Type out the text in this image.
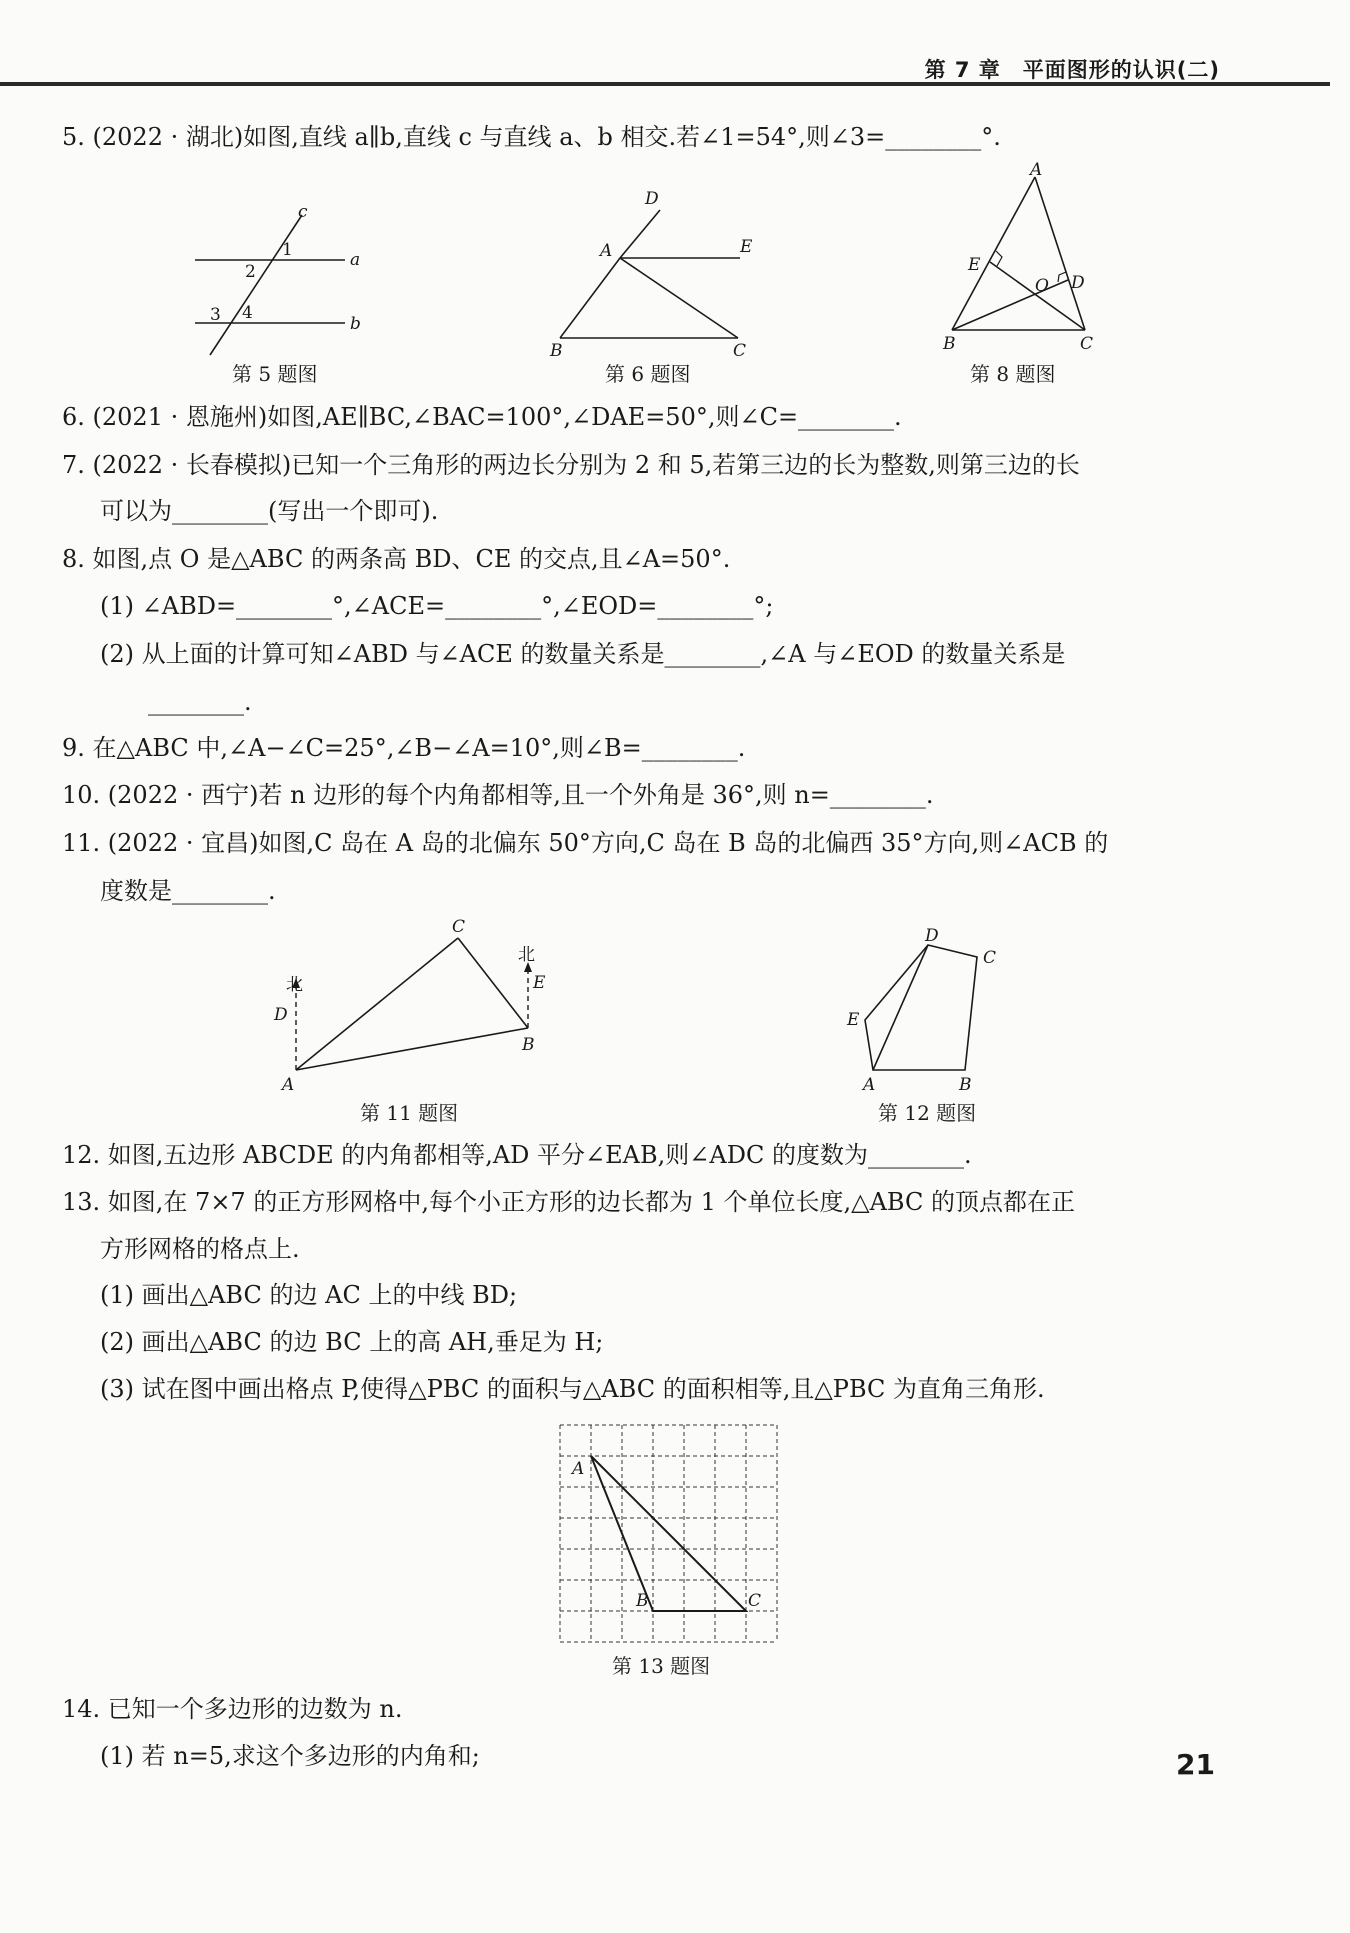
第 7 章　平面图形的认识(二)
5. (2022 · 湖北)如图,直线 a∥b,直线 c 与直线 a、b 相交.若∠1=54°,则∠3=________°.
c
a
b
1
2
3 4
第 5 题图
D
A	E
B	C
第 6 题图
A
E
O D
B	C
第 8 题图
6. (2021 · 恩施州)如图,AE∥BC,∠BAC=100°,∠DAE=50°,则∠C=________.
7. (2022 · 长春模拟)已知一个三角形的两边长分别为 2 和 5,若第三边的长为整数,则第三边的长
可以为________(写出一个即可).
8. 如图,点 O 是△ABC 的两条高 BD、CE 的交点,且∠A=50°.
(1) ∠ABD=________°,∠ACE=________°,∠EOD=________°;
(2) 从上面的计算可知∠ABD 与∠ACE 的数量关系是________,∠A 与∠EOD 的数量关系是
________.
9. 在△ABC 中,∠A−∠C=25°,∠B−∠A=10°,则∠B=________.
10. (2022 · 西宁)若 n 边形的每个内角都相等,且一个外角是 36°,则 n=________.
11. (2022 · 宜昌)如图,C 岛在 A 岛的北偏东 50°方向,C 岛在 B 岛的北偏西 35°方向,则∠ACB 的
度数是________.
北
D
北
E
A
B
C
第 11 题图
D
C
E
A	B
第 12 题图
12. 如图,五边形 ABCDE 的内角都相等,AD 平分∠EAB,则∠ADC 的度数为________.
13. 如图,在 7×7 的正方形网格中,每个小正方形的边长都为 1 个单位长度,△ABC 的顶点都在正
方形网格的格点上.
(1) 画出△ABC 的边 AC 上的中线 BD;
(2) 画出△ABC 的边 BC 上的高 AH,垂足为 H;
(3) 试在图中画出格点 P,使得△PBC 的面积与△ABC 的面积相等,且△PBC 为直角三角形.
A
B	C
第 13 题图
14. 已知一个多边形的边数为 n.
(1) 若 n=5,求这个多边形的内角和;	21
